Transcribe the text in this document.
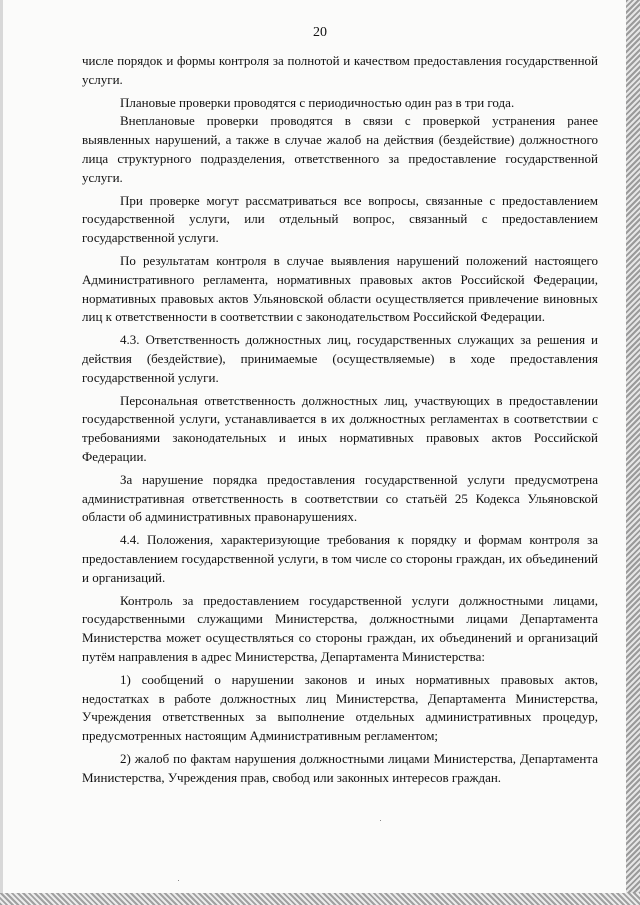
20

числе порядок и формы контроля за полнотой и качеством предоставления государственной услуги.

Плановые проверки проводятся с периодичностью один раз в три года.

Внеплановые проверки проводятся в связи с проверкой устранения ранее выявленных нарушений, а также в случае жалоб на действия (бездействие) должностного лица структурного подразделения, ответственного за предоставление государственной услуги.

При проверке могут рассматриваться все вопросы, связанные с предоставлением государственной услуги, или отдельный вопрос, связанный с предоставлением государственной услуги.

По результатам контроля в случае выявления нарушений положений настоящего Административного регламента, нормативных правовых актов Российской Федерации, нормативных правовых актов Ульяновской области осуществляется привлечение виновных лиц к ответственности в соответствии с законодательством Российской Федерации.

4.3. Ответственность должностных лиц, государственных служащих за решения и действия (бездействие), принимаемые (осуществляемые) в ходе предоставления государственной услуги.

Персональная ответственность должностных лиц, участвующих в предоставлении государственной услуги, устанавливается в их должностных регламентах в соответствии с требованиями законодательных и иных нормативных правовых актов Российской Федерации.

За нарушение порядка предоставления государственной услуги предусмотрена административная ответственность в соответствии со статьёй 25 Кодекса Ульяновской области об административных правонарушениях.

4.4. Положения, характеризующие требования к порядку и формам контроля за предоставлением государственной услуги, в том числе со стороны граждан, их объединений и организаций.

Контроль за предоставлением государственной услуги должностными лицами, государственными служащими Министерства, должностными лицами Департамента Министерства может осуществляться со стороны граждан, их объединений и организаций путём направления в адрес Министерства, Департамента Министерства:

1) сообщений о нарушении законов и иных нормативных правовых актов, недостатках в работе должностных лиц Министерства, Департамента Министерства, Учреждения ответственных за выполнение отдельных административных процедур, предусмотренных настоящим Административным регламентом;

2) жалоб по фактам нарушения должностными лицами Министерства, Департамента Министерства, Учреждения прав, свобод или законных интересов граждан.
